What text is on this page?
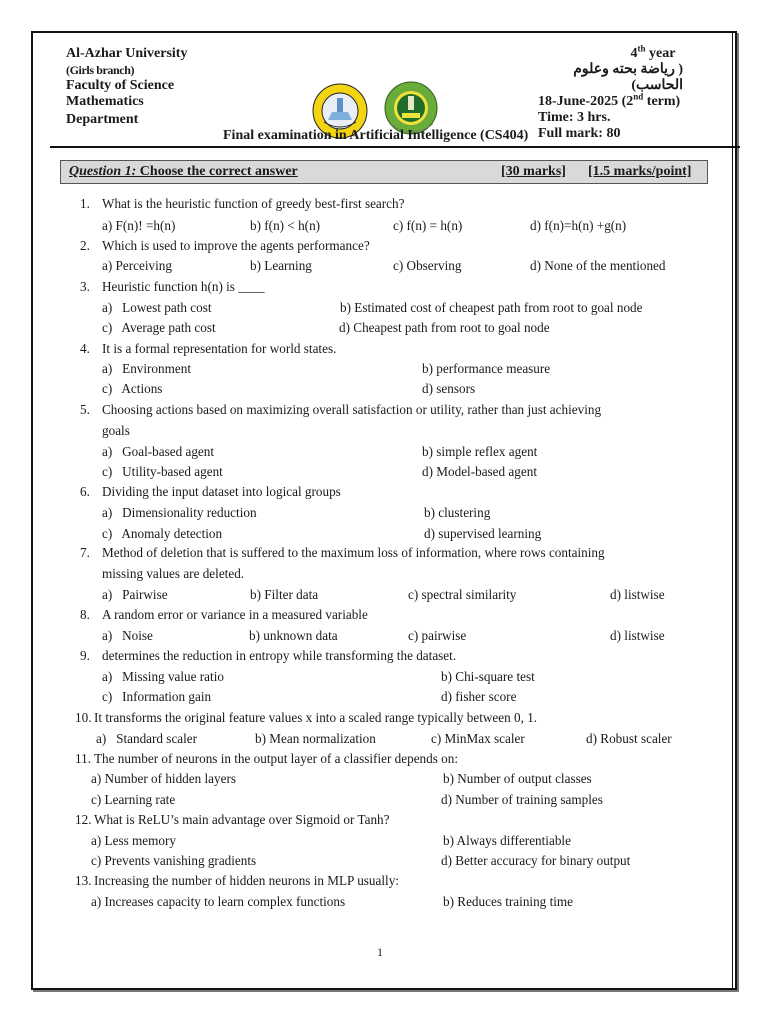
Al-Azhar University
(Girls branch)
Faculty of Science
Mathematics
Department
Final examination in Artificial Intelligence (CS404)
4th year
( رياضة بحته وعلوم الحاسب)
18-June-2025 (2nd term)
Time: 3 hrs.
Full mark: 80
Question 1: Choose the correct answer	[30 marks] [1.5 marks/point]
1. What is the heuristic function of greedy best-first search?
a) F(n)! =h(n)	b) f(n) < h(n)	c) f(n) = h(n)	d) f(n)=h(n) +g(n)
2. Which is used to improve the agents performance?
a) Perceiving	b) Learning	c) Observing	d) None of the mentioned
3. Heuristic function h(n) is ____
a)   Lowest path cost	b) Estimated cost of cheapest path from root to goal node
c)   Average path cost	d) Cheapest path from root to goal node
4. It is a formal representation for world states.
a)   Environment	b) performance measure
c)   Actions	d) sensors
5. Choosing actions based on maximizing overall satisfaction or utility, rather than just achieving
goals
a)   Goal-based agent	b) simple reflex agent
c)   Utility-based agent	d) Model-based agent
6. Dividing the input dataset into logical groups
a)   Dimensionality reduction	b) clustering
c)   Anomaly detection	d) supervised learning
7. Method of deletion that is suffered to the maximum loss of information, where rows containing
missing values are deleted.
a)   Pairwise	b) Filter data	c) spectral similarity	d) listwise
8. A random error or variance in a measured variable
a)   Noise	b) unknown data	c) pairwise	d) listwise
9. determines the reduction in entropy while transforming the dataset.
a)   Missing value ratio	b) Chi-square test
c)   Information gain	d) fisher score
10. It transforms the original feature values x into a scaled range typically between 0, 1.
a)   Standard scaler	b) Mean normalization	c) MinMax scaler	d) Robust scaler
11. The number of neurons in the output layer of a classifier depends on:
a) Number of hidden layers	b) Number of output classes
c) Learning rate	d) Number of training samples
12. What is ReLU’s main advantage over Sigmoid or Tanh?
a) Less memory	b) Always differentiable
c) Prevents vanishing gradients	d) Better accuracy for binary output
13. Increasing the number of hidden neurons in MLP usually:
a) Increases capacity to learn complex functions	b) Reduces training time
1
